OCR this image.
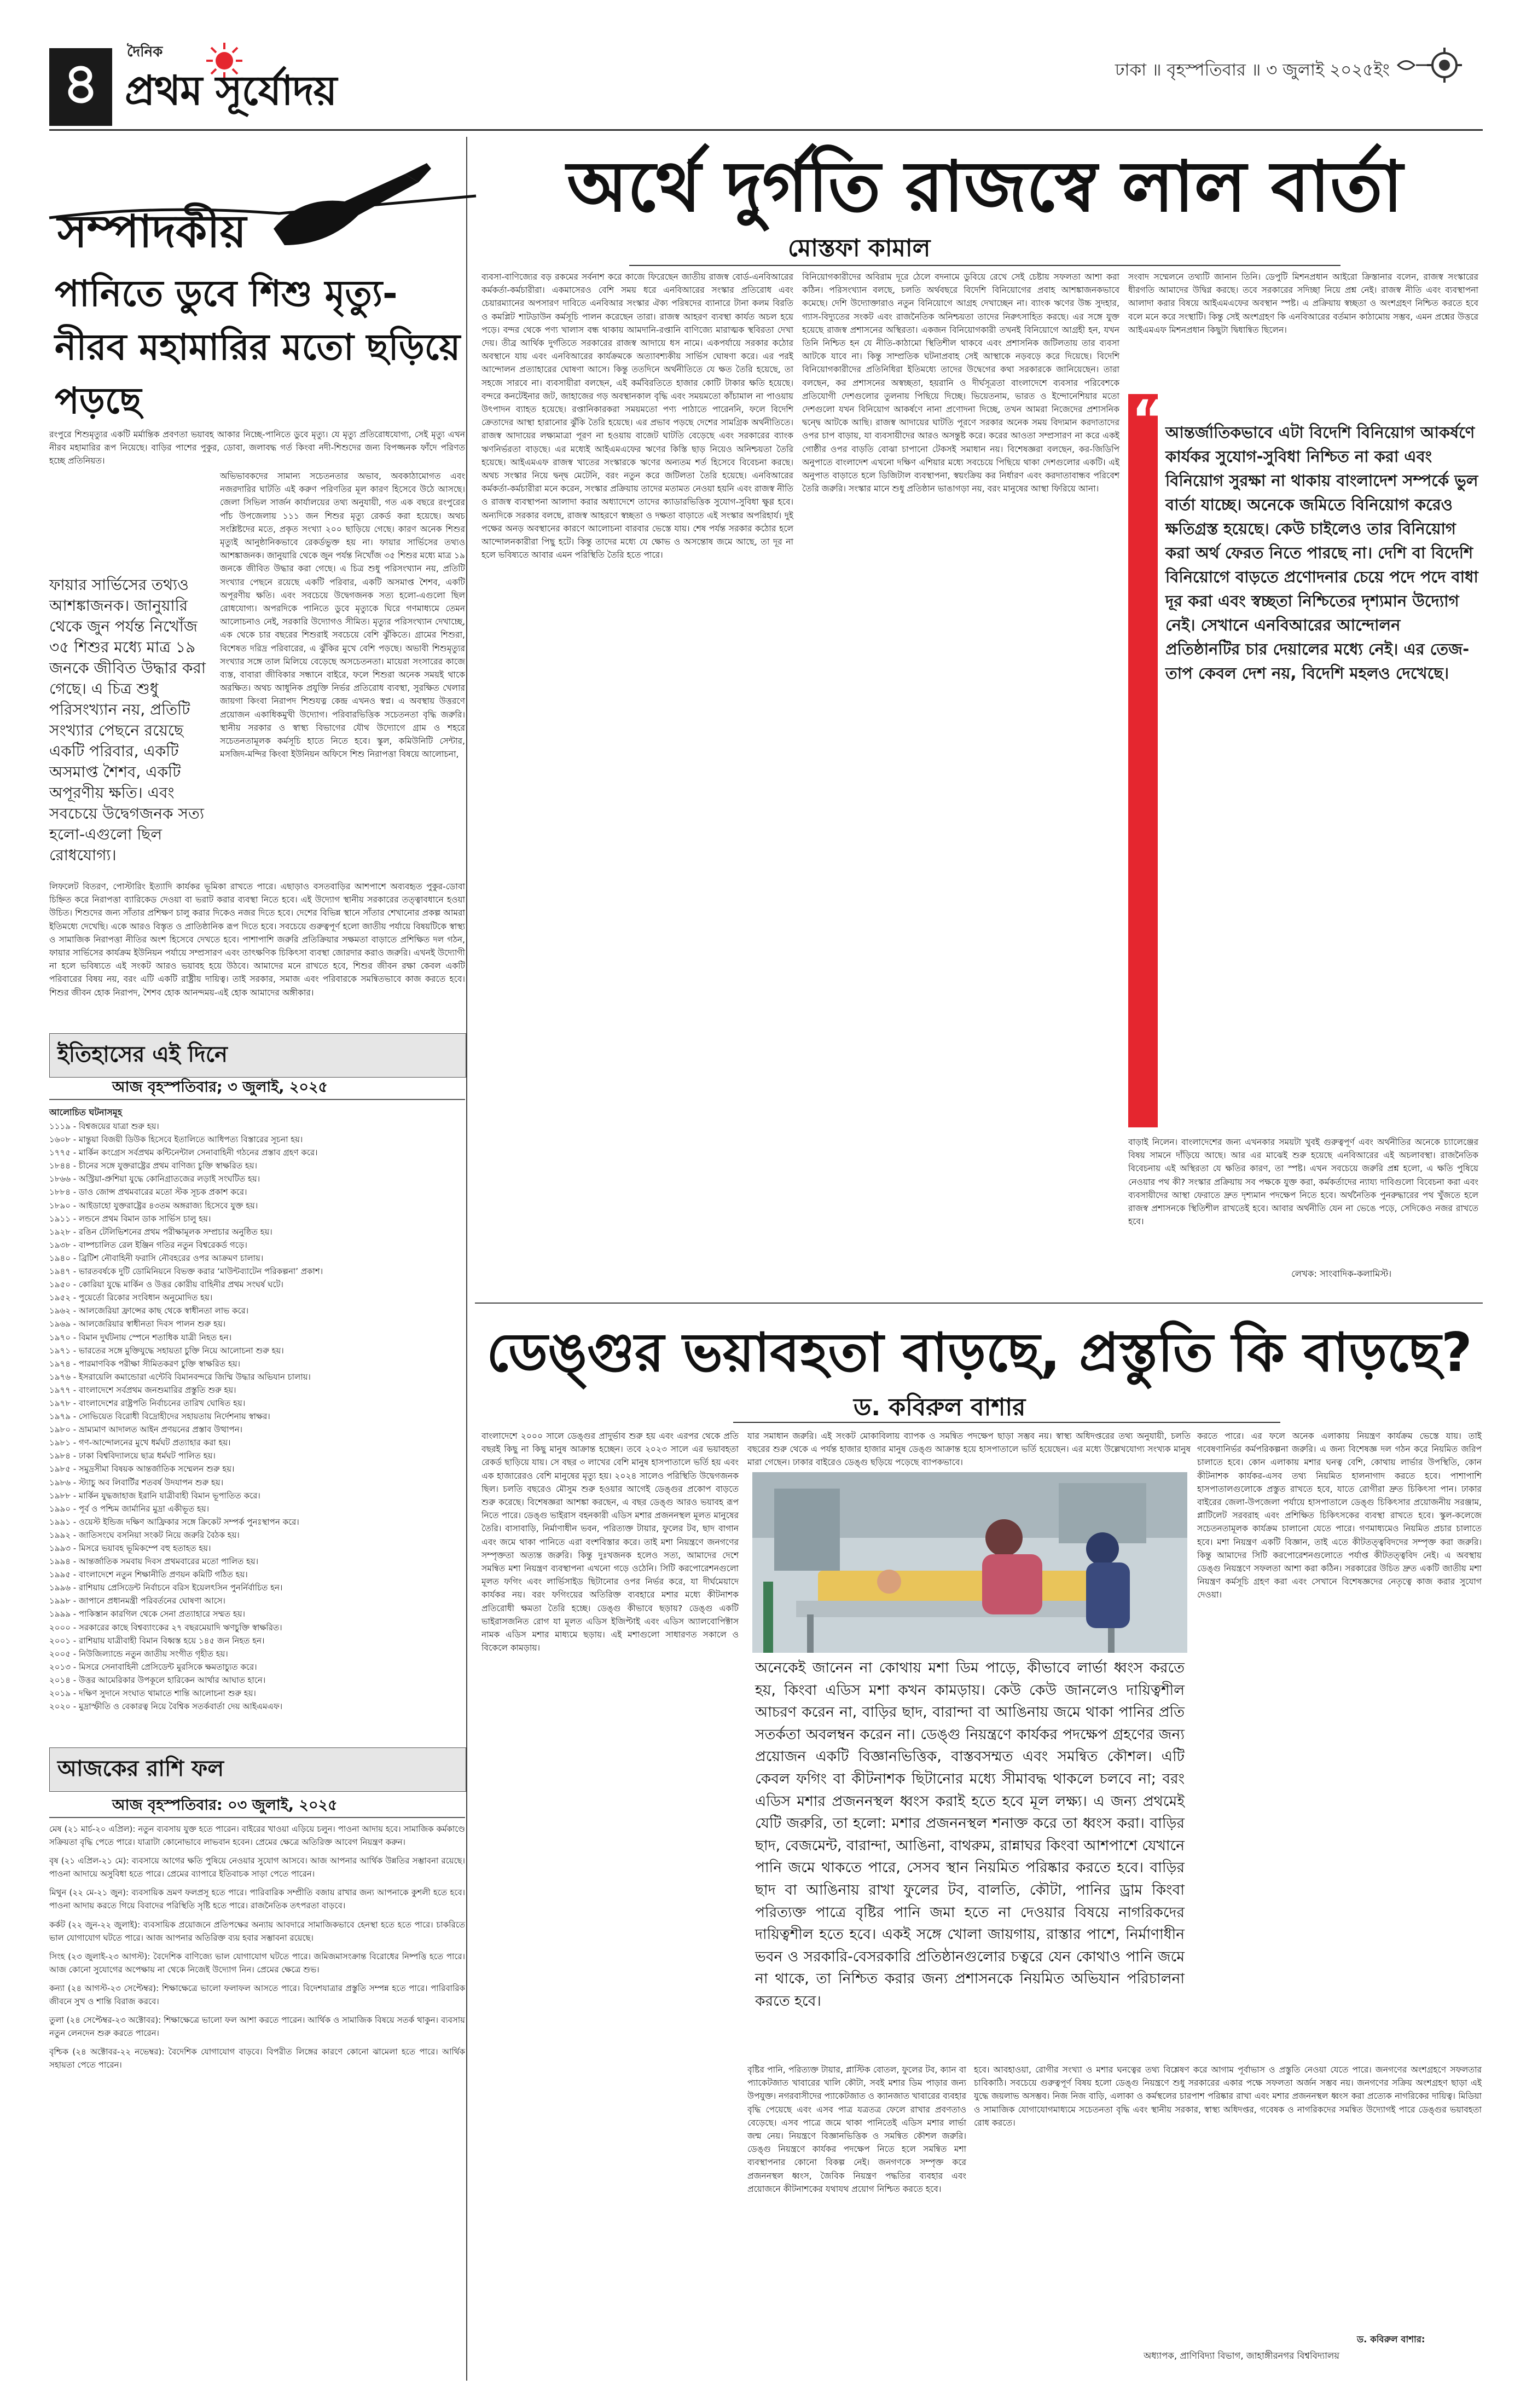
৪	দৈনিক
প্রথম সূর্যোদয়	ঢাকা ॥ বৃহস্পতিবার ॥ ৩ জুলাই ২০২৫ইং
সম্পাদকীয়
পানিতে ডুবে শিশু মৃত্যু- নীরব মহামারির মতো ছড়িয়ে পড়ছে

রংপুরে শিশুমৃত্যুর একটি মর্মান্তিক প্রবণতা ভয়াবহ আকার নিচ্ছে-পানিতে ডুবে মৃত্যু। যে মৃত্যু প্রতিরোধযোগ্য, সেই মৃত্যু এখন নীরব মহামারির রূপ নিয়েছে। বাড়ির পাশের পুকুর, ডোবা, জলাবদ্ধ গর্ত কিংবা নদী-শিশুদের জন্য বিপজ্জনক ফাঁদে পরিণত হচ্ছে প্রতিনিয়ত।

ফায়ার সার্ভিসের তথ্যও আশঙ্কাজনক। জানুয়ারি থেকে জুন পর্যন্ত নিখোঁজ ৩৫ শিশুর মধ্যে মাত্র ১৯ জনকে জীবিত উদ্ধার করা গেছে। এ চিত্র শুধু পরিসংখ্যান নয়, প্রতিটি সংখ্যার পেছনে রয়েছে একটি পরিবার, একটি অসমাপ্ত শৈশব, একটি অপূরণীয় ক্ষতি। এবং সবচেয়ে উদ্বেগজনক সত্য হলো-এগুলো ছিল রোধযোগ্য।

অভিভাবকদের সামান্য সচেতনতার অভাব, অবকাঠামোগত এবং নজরদারির ঘাটতি এই করুণ পরিণতির মূল কারণ হিসেবে উঠে আসছে। জেলা সিভিল সার্জন কার্যালয়ের তথ্য অনুযায়ী, গত এক বছরে রংপুরের পাঁচ উপজেলায় ১১১ জন শিশুর মৃত্যু রেকর্ড করা হয়েছে। অথচ সংশ্লিষ্টদের মতে, প্রকৃত সংখ্যা ২০০ ছাড়িয়ে গেছে। কারণ অনেক শিশুর মৃত্যুই আনুষ্ঠানিকভাবে রেকর্ডভুক্ত হয় না। ফায়ার সার্ভিসের তথ্যও আশঙ্কাজনক। জানুয়ারি থেকে জুন পর্যন্ত নিখোঁজ ৩৫ শিশুর মধ্যে মাত্র ১৯ জনকে জীবিত উদ্ধার করা গেছে। এ চিত্র শুধু পরিসংখ্যান নয়, প্রতিটি সংখ্যার পেছনে রয়েছে একটি পরিবার, একটি অসমাপ্ত শৈশব, একটি অপূরণীয় ক্ষতি। এবং সবচেয়ে উদ্বেগজনক সত্য হলো-এগুলো ছিল রোধযোগ্য। অপরদিকে পানিতে ডুবে মৃত্যুকে ঘিরে গণমাধ্যমে তেমন আলোচনাও নেই, সরকারি উদ্যোগও সীমিত। মৃত্যুর পরিসংখ্যান দেখাচ্ছে, এক থেকে চার বছরের শিশুরাই সবচেয়ে বেশি ঝুঁকিতে। গ্রামের শিশুরা, বিশেষত দরিদ্র পরিবারের, এ ঝুঁকির মুখে বেশি পড়ছে। অভাবী শিশুমৃত্যুর সংখ্যার সঙ্গে তাল মিলিয়ে বেড়েছে অসচেতনতা। মায়েরা সংসারের কাজে ব্যস্ত, বাবারা জীবিকার সন্ধানে বাইরে, ফলে শিশুরা অনেক সময়ই থাকে অরক্ষিত। অথচ আধুনিক প্রযুক্তি নির্ভর প্রতিরোধ ব্যবস্থা, সুরক্ষিত খেলার জায়গা কিংবা নিরাপদ শিশুযত্ন কেন্দ্র এখনও স্বপ্ন। এ অবস্থায় উত্তরণে প্রয়োজন একাধিকমুখী উদ্যোগ। পরিবারভিত্তিক সচেতনতা বৃদ্ধি জরুরি। স্থানীয় সরকার ও স্বাস্থ্য বিভাগের যৌথ উদ্যোগে গ্রাম ও শহরে সচেতনতামূলক কর্মসূচি হাতে নিতে হবে। স্কুল, কমিউনিটি সেন্টার, মসজিদ-মন্দির কিংবা ইউনিয়ন অফিসে শিশু নিরাপত্তা বিষয়ে আলোচনা,

লিফলেট বিতরণ, পোস্টারিং ইত্যাদি কার্যকর ভূমিকা রাখতে পারে। এছাড়াও বসতবাড়ির আশপাশে অব্যবহৃত পুকুর-ডোবা চিহ্নিত করে নিরাপত্তা ব্যারিকেড দেওয়া বা ভরাট করার ব্যবস্থা নিতে হবে। এই উদ্যোগ স্থানীয় সরকারের তত্ত্বাবধানে হওয়া উচিত। শিশুদের জন্য সাঁতার প্রশিক্ষণ চালু করার দিকেও নজর দিতে হবে। দেশের বিভিন্ন স্থানে সাঁতার শেখানোর প্রকল্প আমরা ইতিমধ্যে দেখেছি। একে আরও বিস্তৃত ও প্রাতিষ্ঠানিক রূপ দিতে হবে। সবচেয়ে গুরুত্বপূর্ণ হলো জাতীয় পর্যায়ে বিষয়টিকে স্বাস্থ্য ও সামাজিক নিরাপত্তা নীতির অংশ হিসেবে দেখতে হবে। পাশাপাশি জরুরি প্রতিক্রিয়ার সক্ষমতা বাড়াতে প্রশিক্ষিত দল গঠন, ফায়ার সার্ভিসের কার্যক্রম ইউনিয়ন পর্যায়ে সম্প্রসারণ এবং তাৎক্ষণিক চিকিৎসা ব্যবস্থা জোরদার করাও জরুরি। এখনই উদ্যোগী না হলে ভবিষ্যতে এই সংকট আরও ভয়াবহ হয়ে উঠবে। আমাদের মনে রাখতে হবে, শিশুর জীবন রক্ষা কেবল একটি পরিবারের বিষয় নয়, বরং এটি একটি রাষ্ট্রীয় দায়িত্ব। তাই সরকার, সমাজ এবং পরিবারকে সমন্বিতভাবে কাজ করতে হবে। শিশুর জীবন হোক নিরাপদ, শৈশব হোক আনন্দময়-এই হোক আমাদের অঙ্গীকার।

ইতিহাসের এই দিনে
আজ বৃহস্পতিবার; ৩ জুলাই, ২০২৫
আলোচিত ঘটনাসমূহ
১১১৯ - বিশ্বজয়ের যাত্রা শুরু হয়।
১৬০৮ - মান্তুয়া বিজয়ী ডিউক হিসেবে ইতালিতে আধিপত্য বিস্তারের সূচনা হয়।
১৭৭৫ - মার্কিন কংগ্রেস সর্বপ্রথম কন্টিনেন্টাল সেনাবাহিনী গঠনের প্রস্তাব গ্রহণ করে।
১৮৪৪ - চীনের সঙ্গে যুক্তরাষ্ট্রের প্রথম বাণিজ্য চুক্তি স্বাক্ষরিত হয়।
১৮৬৬ - অস্ট্রিয়া-প্রুশিয়া যুদ্ধে কোনিগ্রাতজের লড়াই সংঘটিত হয়।
১৮৮৪ - ডাও জোন্স প্রথমবারের মতো স্টক সূচক প্রকাশ করে।
১৮৯০ - আইডাহো যুক্তরাষ্ট্রের ৪৩তম অঙ্গরাজ্য হিসেবে যুক্ত হয়।
১৯১১ - লন্ডনে প্রথম বিমান ডাক সার্ভিস চালু হয়।
১৯২৮ - রঙিন টেলিভিশনের প্রথম পরীক্ষামূলক সম্প্রচার অনুষ্ঠিত হয়।
১৯৩৮ - বাষ্পচালিত রেল ইঞ্জিন গতির নতুন বিশ্বরেকর্ড গড়ে।
১৯৪০ - ব্রিটিশ নৌবাহিনী ফরাসি নৌবহরের ওপর আক্রমণ চালায়।
১৯৪৭ - ভারতবর্ষকে দুটি ডোমিনিয়নে বিভক্ত করার ‘মাউন্টব্যাটেন পরিকল্পনা’ প্রকাশ।
১৯৫০ - কোরিয়া যুদ্ধে মার্কিন ও উত্তর কোরীয় বাহিনীর প্রথম সংঘর্ষ ঘটে।
১৯৫২ - পুয়ের্তো রিকোর সংবিধান অনুমোদিত হয়।
১৯৬২ - আলজেরিয়া ফ্রান্সের কাছ থেকে স্বাধীনতা লাভ করে।
১৯৬৯ - আলজেরিয়ার স্বাধীনতা দিবস পালন শুরু হয়।
১৯৭০ - বিমান দুর্ঘটনায় স্পেনে শতাধিক যাত্রী নিহত হন।
১৯৭১ - ভারতের সঙ্গে মুক্তিযুদ্ধে সহায়তা চুক্তি নিয়ে আলোচনা শুরু হয়।
১৯৭৪ - পারমাণবিক পরীক্ষা সীমিতকরণ চুক্তি স্বাক্ষরিত হয়।
১৯৭৬ - ইসরায়েলি কমান্ডোরা এন্টেবি বিমানবন্দরে জিম্মি উদ্ধার অভিযান চালায়।
১৯৭৭ - বাংলাদেশে সর্বপ্রথম জনশুমারির প্রস্তুতি শুরু হয়।
১৯৭৮ - বাংলাদেশের রাষ্ট্রপতি নির্বাচনের তারিখ ঘোষিত হয়।
১৯৭৯ - সোভিয়েত বিরোধী বিদ্রোহীদের সহায়তায় নির্দেশনায় স্বাক্ষর।
১৯৮০ - ভ্রাম্যমাণ আদালত আইন প্রণয়নের প্রস্তাব উত্থাপন।
১৯৮১ - গণ-আন্দোলনের মুখে ধর্মঘট প্রত্যাহার করা হয়।
১৯৮৪ - ঢাকা বিশ্ববিদ্যালয়ে ছাত্র ধর্মঘট পালিত হয়।
১৯৮৫ - সমুদ্রসীমা বিষয়ক আন্তর্জাতিক সম্মেলন শুরু হয়।
১৯৮৬ - স্ট্যাচু অব লিবার্টির শতবর্ষ উদযাপন শুরু হয়।
১৯৮৮ - মার্কিন যুদ্ধজাহাজ ইরানি যাত্রীবাহী বিমান ভূপাতিত করে।
১৯৯০ - পূর্ব ও পশ্চিম জার্মানির মুদ্রা একীভূত হয়।
১৯৯১ - ওয়েস্ট ইন্ডিজ দক্ষিণ আফ্রিকার সঙ্গে ক্রিকেট সম্পর্ক পুনঃস্থাপন করে।
১৯৯২ - জাতিসংঘে বসনিয়া সংকট নিয়ে জরুরি বৈঠক হয়।
১৯৯৩ - মিসরে ভয়াবহ ভূমিকম্পে বহু হতাহত হয়।
১৯৯৪ - আন্তর্জাতিক সমবায় দিবস প্রথমবারের মতো পালিত হয়।
১৯৯৫ - বাংলাদেশে নতুন শিক্ষানীতি প্রণয়ন কমিটি গঠিত হয়।
১৯৯৬ - রাশিয়ায় প্রেসিডেন্ট নির্বাচনে বরিস ইয়েলৎসিন পুনর্নির্বাচিত হন।
১৯৯৮ - জাপানে প্রধানমন্ত্রী পরিবর্তনের ঘোষণা আসে।
১৯৯৯ - পাকিস্তান কারগিল থেকে সেনা প্রত্যাহারে সম্মত হয়।
২০০০ - সরকারের কাছে বিশ্বব্যাংকের ২৭ বছরমেয়াদি ঋণচুক্তি স্বাক্ষরিত।
২০০১ - রাশিয়ায় যাত্রীবাহী বিমান বিধ্বস্ত হয়ে ১৪৫ জন নিহত হন।
২০০৫ - নিউজিল্যান্ডে নতুন জাতীয় সংগীত গৃহীত হয়।
২০১৩ - মিসরে সেনাবাহিনী প্রেসিডেন্ট মুরসিকে ক্ষমতাচ্যুত করে।
২০১৪ - উত্তর আমেরিকার উপকূলে হারিকেন আর্থার আঘাত হানে।
২০১৯ - দক্ষিণ সুদানে সংঘাত থামাতে শান্তি আলোচনা শুরু হয়।
২০২০ - মুদ্রাস্ফীতি ও বেকারত্ব নিয়ে বৈশ্বিক সতর্কবার্তা দেয় আইএমএফ।
আজকের রাশি ফল
আজ বৃহস্পতিবার: ০৩ জুলাই, ২০২৫

মেষ (২১ মার্চ-২০ এপ্রিল): নতুন ব্যবসায় যুক্ত হতে পারেন। বাইরের খাওয়া এড়িয়ে চলুন। পাওনা আদায় হবে। সামাজিক কর্মকাণ্ডে সক্রিয়তা বৃদ্ধি পেতে পারে। যাত্রাটা কোনোভাবে লাভবান হবেন। প্রেমের ক্ষেত্রে অতিরিক্ত আবেগ নিয়ন্ত্রণ করুন।

বৃষ (২১ এপ্রিল-২১ মে): ব্যবসায়ে আগের ক্ষতি পুষিয়ে নেওয়ার সুযোগ আসবে। আজ আপনার আর্থিক উন্নতির সম্ভাবনা রয়েছে। পাওনা আদায়ে অসুবিধা হতে পারে। প্রেমের ব্যাপারে ইতিবাচক সাড়া পেতে পারেন।

মিথুন (২২ মে-২১ জুন): ব্যবসায়িক ভ্রমণ ফলপ্রসূ হতে পারে। পারিবারিক সম্প্রীতি বজায় রাখার জন্য আপনাকে কুশলী হতে হবে। পাওনা আদায় করতে গিয়ে বিবাদের পরিস্থিতি সৃষ্টি হতে পারে। রাজনৈতিক তৎপরতা বাড়বে।

কর্কট (২২ জুন-২২ জুলাই): ব্যবসায়িক প্রয়োজনে প্রতিপক্ষের অন্যায় আবদারে সামাজিকভাবে হেনস্থা হতে হতে পারে। চাকরিতে ভাল যোগাযোগ ঘটতে পারে। আজ আপনার অতিরিক্ত ব্যয় হবার সম্ভাবনা রয়েছে।

সিংহ (২৩ জুলাই-২৩ আগস্ট): বৈদেশিক বাণিজ্যে ভাল যোগাযোগ ঘটতে পারে। জমিজমাসংক্রান্ত বিরোধের নিষ্পত্তি হতে পারে। আজ কোনো সুযোগের অপেক্ষায় না থেকে নিজেই উদ্যোগ নিন। প্রেমের ক্ষেত্রে শুভ।

কন্যা (২৪ আগস্ট-২৩ সেপ্টেম্বর): শিক্ষাক্ষেত্রে ভালো ফলাফল আসতে পারে। বিদেশযাত্রার প্রস্তুতি সম্পন্ন হতে পারে। পারিবারিক জীবনে সুখ ও শান্তি বিরাজ করবে।

তুলা (২৪ সেপ্টেম্বর-২৩ অক্টোবর): শিক্ষাক্ষেত্রে ভালো ফল আশা করতে পারেন। আর্থিক ও সামাজিক বিষয়ে সতর্ক থাকুন। ব্যবসায় নতুন লেনদেন শুরু করতে পারেন।

বৃশ্চিক (২৪ অক্টোবর-২২ নভেম্বর): বৈদেশিক যোগাযোগ বাড়বে। বিপরীত লিঙ্গের কারণে কোনো ঝামেলা হতে পারে। আর্থিক সহায়তা পেতে পারেন।

অর্থে দুর্গতি রাজস্বে লাল বার্তা
মোস্তফা কামাল

ব্যবসা-বাণিজ্যের বড় রকমের সর্বনাশ করে কাজে ফিরেছেন জাতীয় রাজস্ব বোর্ড-এনবিআরের কর্মকর্তা-কর্মচারীরা। একমাসেরও বেশি সময় ধরে এনবিআরের সংস্কার প্রতিরোধ এবং চেয়ারম্যানের অপসারণ দাবিতে এনবিআর সংস্কার ঐক্য পরিষদের ব্যানারে টানা কলম বিরতি ও কমপ্লিট শাটডাউন কর্মসূচি পালন করেছেন তারা। রাজস্ব আহরণ ব্যবস্থা কার্যত অচল হয়ে পড়ে। বন্দর থেকে পণ্য খালাস বন্ধ থাকায় আমদানি-রপ্তানি বাণিজ্যে মারাত্মক স্থবিরতা দেখা দেয়। তীব্র আর্থিক দুর্গতিতে সরকারের রাজস্ব আদায়ে ধস নামে। একপর্যায়ে সরকার কঠোর অবস্থানে যায় এবং এনবিআরের কার্যক্রমকে অত্যাবশ্যকীয় সার্ভিস ঘোষণা করে। এর পরই আন্দোলন প্রত্যাহারের ঘোষণা আসে। কিন্তু ততদিনে অর্থনীতিতে যে ক্ষত তৈরি হয়েছে, তা সহজে সারবে না। ব্যবসায়ীরা বলছেন, এই কর্মবিরতিতে হাজার কোটি টাকার ক্ষতি হয়েছে। বন্দরে কনটেইনার জট, জাহাজের গড় অবস্থানকাল বৃদ্ধি এবং সময়মতো কাঁচামাল না পাওয়ায় উৎপাদন ব্যাহত হয়েছে। রপ্তানিকারকরা সময়মতো পণ্য পাঠাতে পারেননি, ফলে বিদেশি ক্রেতাদের আস্থা হারানোর ঝুঁকি তৈরি হয়েছে। এর প্রভাব পড়ছে দেশের সামগ্রিক অর্থনীতিতে। রাজস্ব আদায়ের লক্ষ্যমাত্রা পূরণ না হওয়ায় বাজেট ঘাটতি বেড়েছে এবং সরকারের ব্যাংক ঋণনির্ভরতা বাড়ছে। এর মধ্যেই আইএমএফের ঋণের কিস্তি ছাড় নিয়েও অনিশ্চয়তা তৈরি হয়েছে। আইএমএফ রাজস্ব খাতের সংস্কারকে ঋণের অন্যতম শর্ত হিসেবে বিবেচনা করছে। অথচ সংস্কার নিয়ে দ্বন্দ্ব মেটেনি, বরং নতুন করে জটিলতা তৈরি হয়েছে। এনবিআরের কর্মকর্তা-কর্মচারীরা মনে করেন, সংস্কার প্রক্রিয়ায় তাদের মতামত নেওয়া হয়নি এবং রাজস্ব নীতি ও রাজস্ব ব্যবস্থাপনা আলাদা করার অধ্যাদেশে তাদের ক্যাডারভিত্তিক সুযোগ-সুবিধা ক্ষুণ্ণ হবে। অন্যদিকে সরকার বলছে, রাজস্ব আহরণে স্বচ্ছতা ও দক্ষতা বাড়াতে এই সংস্কার অপরিহার্য। দুই পক্ষের অনড় অবস্থানের কারণে আলোচনা বারবার ভেস্তে যায়। শেষ পর্যন্ত সরকার কঠোর হলে আন্দোলনকারীরা পিছু হটে। কিন্তু তাদের মধ্যে যে ক্ষোভ ও অসন্তোষ জমে আছে, তা দূর না হলে ভবিষ্যতে আবার এমন পরিস্থিতি তৈরি হতে পারে।

বিনিয়োগকারীদের অবিরাম দূরে ঠেলে বদনামে ডুবিয়ে রেখে সেই চেষ্টায় সফলতা আশা করা কঠিন। পরিসংখ্যান বলছে, চলতি অর্থবছরে বিদেশি বিনিয়োগের প্রবাহ আশঙ্কাজনকভাবে কমেছে। দেশি উদ্যোক্তারাও নতুন বিনিয়োগে আগ্রহ দেখাচ্ছেন না। ব্যাংক ঋণের উচ্চ সুদহার, গ্যাস-বিদ্যুতের সংকট এবং রাজনৈতিক অনিশ্চয়তা তাদের নিরুৎসাহিত করছে। এর সঙ্গে যুক্ত হয়েছে রাজস্ব প্রশাসনের অস্থিরতা। একজন বিনিয়োগকারী তখনই বিনিয়োগে আগ্রহী হন, যখন তিনি নিশ্চিত হন যে নীতি-কাঠামো স্থিতিশীল থাকবে এবং প্রশাসনিক জটিলতায় তার ব্যবসা আটকে যাবে না। কিন্তু সাম্প্রতিক ঘটনাপ্রবাহ সেই আস্থাকে নড়বড়ে করে দিয়েছে। বিদেশি বিনিয়োগকারীদের প্রতিনিধিরা ইতিমধ্যে তাদের উদ্বেগের কথা সরকারকে জানিয়েছেন। তারা বলছেন, কর প্রশাসনের অস্বচ্ছতা, হয়রানি ও দীর্ঘসূত্রতা বাংলাদেশে ব্যবসার পরিবেশকে প্রতিযোগী দেশগুলোর তুলনায় পিছিয়ে দিচ্ছে। ভিয়েতনাম, ভারত ও ইন্দোনেশিয়ার মতো দেশগুলো যখন বিনিয়োগ আকর্ষণে নানা প্রণোদনা দিচ্ছে, তখন আমরা নিজেদের প্রশাসনিক দ্বন্দ্বে আটকে আছি। রাজস্ব আদায়ের ঘাটতি পূরণে সরকার অনেক সময় বিদ্যমান করদাতাদের ওপর চাপ বাড়ায়, যা ব্যবসায়ীদের আরও অসন্তুষ্ট করে। করের আওতা সম্প্রসারণ না করে একই গোষ্ঠীর ওপর বাড়তি বোঝা চাপানো টেকসই সমাধান নয়। বিশেষজ্ঞরা বলছেন, কর-জিডিপি অনুপাতে বাংলাদেশ এখনো দক্ষিণ এশিয়ার মধ্যে সবচেয়ে পিছিয়ে থাকা দেশগুলোর একটি। এই অনুপাত বাড়াতে হলে ডিজিটাল ব্যবস্থাপনা, স্বয়ংক্রিয় কর নির্ধারণ এবং করদাতাবান্ধব পরিবেশ তৈরি জরুরি। সংস্কার মানে শুধু প্রতিষ্ঠান ভাঙাগড়া নয়, বরং মানুষের আস্থা ফিরিয়ে আনা।

সংবাদ সম্মেলনে তথ্যটি জানান তিনি। ডেপুটি মিশনপ্রধান আইরো ক্রিস্তানার বলেন, রাজস্ব সংস্কারের ধীরগতি আমাদের উদ্বিগ্ন করছে। তবে সরকারের সদিচ্ছা নিয়ে প্রশ্ন নেই। রাজস্ব নীতি এবং ব্যবস্থাপনা আলাদা করার বিষয়ে আইএমএফের অবস্থান স্পষ্ট। এ প্রক্রিয়ায় স্বচ্ছতা ও অংশগ্রহণ নিশ্চিত করতে হবে বলে মনে করে সংস্থাটি। কিন্তু সেই অংশগ্রহণ কি এনবিআরের বর্তমান কাঠামোয় সম্ভব, এমন প্রশ্নের উত্তরে আইএমএফ মিশনপ্রধান কিছুটা দ্বিধান্বিত ছিলেন।

“
আন্তর্জাতিকভাবে এটা বিদেশি বিনিয়োগ আকর্ষণে কার্যকর সুযোগ-সুবিধা নিশ্চিত না করা এবং বিনিয়োগ সুরক্ষা না থাকায় বাংলাদেশ সম্পর্কে ভুল বার্তা যাচ্ছে। অনেকে জমিতে বিনিয়োগ করেও ক্ষতিগ্রস্ত হয়েছে। কেউ চাইলেও তার বিনিয়োগ করা অর্থ ফেরত নিতে পারছে না। দেশি বা বিদেশি বিনিয়োগে বাড়তে প্রণোদনার চেয়ে পদে পদে বাধা দূর করা এবং স্বচ্ছতা নিশ্চিতের দৃশ্যমান উদ্যোগ নেই। সেখানে এনবিআরের আন্দোলন প্রতিষ্ঠানটির চার দেয়ালের মধ্যে নেই। এর তেজ-তাপ কেবল দেশ নয়, বিদেশি মহলও দেখেছে।

বাড়াই নিলেন। বাংলাদেশের জন্য এখনকার সময়টা খুবই গুরুত্বপূর্ণ এবং অর্থনীতির অনেকে চ্যালেঞ্জের বিষয় সামনে দাঁড়িয়ে আছে। আর এর মাঝেই শুরু হয়েছে এনবিআরের এই অচলাবস্থা। রাজনৈতিক বিবেচনায় এই অস্থিরতা যে ক্ষতির কারণ, তা স্পষ্ট। এখন সবচেয়ে জরুরি প্রশ্ন হলো, এ ক্ষতি পুষিয়ে নেওয়ার পথ কী? সংস্কার প্রক্রিয়ায় সব পক্ষকে যুক্ত করা, কর্মকর্তাদের ন্যায্য দাবিগুলো বিবেচনা করা এবং ব্যবসায়ীদের আস্থা ফেরাতে দ্রুত দৃশ্যমান পদক্ষেপ নিতে হবে। অর্থনৈতিক পুনরুদ্ধারের পথ খুঁজতে হলে রাজস্ব প্রশাসনকে স্থিতিশীল রাখতেই হবে। আবার অর্থনীতি যেন না ভেঙে পড়ে, সেদিকেও নজর রাখতে হবে।

লেখক: সাংবাদিক-কলামিস্ট।
ডেঙ্গুর ভয়াবহতা বাড়ছে, প্রস্তুতি কি বাড়ছে?
ড. কবিরুল বাশার

বাংলাদেশে ২০০০ সালে ডেঙ্গুর প্রাদুর্ভাব শুরু হয় এবং এরপর থেকে প্রতি বছরই কিছু না কিছু মানুষ আক্রান্ত হচ্ছেন। তবে ২০২৩ সালে এর ভয়াবহতা রেকর্ড ছাড়িয়ে যায়। সে বছর ৩ লাখের বেশি মানুষ হাসপাতালে ভর্তি হয় এবং এক হাজারেরও বেশি মানুষের মৃত্যু হয়। ২০২৪ সালেও পরিস্থিতি উদ্বেগজনক ছিল। চলতি বছরেও মৌসুম শুরু হওয়ার আগেই ডেঙ্গুর প্রকোপ বাড়তে শুরু করেছে। বিশেষজ্ঞরা আশঙ্কা করছেন, এ বছর ডেঙ্গু আরও ভয়াবহ রূপ নিতে পারে। ডেঙ্গু ভাইরাস বহনকারী এডিস মশার প্রজননস্থল মূলত মানুষের তৈরি। বাসাবাড়ি, নির্মাণাধীন ভবন, পরিত্যক্ত টায়ার, ফুলের টব, ছাদ বাগান এবং জমে থাকা পানিতে এরা বংশবিস্তার করে। তাই মশা নিয়ন্ত্রণে জনগণের সম্পৃক্ততা অত্যন্ত জরুরি। কিন্তু দুঃখজনক হলেও সত্য, আমাদের দেশে সমন্বিত মশা নিয়ন্ত্রণ ব্যবস্থাপনা এখনো গড়ে ওঠেনি। সিটি করপোরেশনগুলো মূলত ফগিং এবং লার্ভিসাইড ছিটানোর ওপর নির্ভর করে, যা দীর্ঘমেয়াদে কার্যকর নয়। বরং ফগিংয়ের অতিরিক্ত ব্যবহারে মশার মধ্যে কীটনাশক প্রতিরোধী ক্ষমতা তৈরি হচ্ছে। ডেঙ্গু কীভাবে ছড়ায়? ডেঙ্গু একটি ভাইরাসজনিত রোগ যা মূলত এডিস ইজিপ্টাই এবং এডিস অ্যালবোপিক্টাস নামক এডিস মশার মাধ্যমে ছড়ায়। এই মশাগুলো সাধারণত সকালে ও বিকেলে কামড়ায়।

যার সমাধান জরুরি। এই সংকট মোকাবিলায় ব্যাপক ও সমন্বিত পদক্ষেপ ছাড়া সম্ভব নয়। স্বাস্থ্য অধিদপ্তরের তথ্য অনুযায়ী, চলতি বছরের শুরু থেকে এ পর্যন্ত হাজার হাজার মানুষ ডেঙ্গু আক্রান্ত হয়ে হাসপাতালে ভর্তি হয়েছেন। এর মধ্যে উল্লেখযোগ্য সংখ্যক মানুষ মারা গেছেন। ঢাকার বাইরেও ডেঙ্গু ছড়িয়ে পড়েছে ব্যাপকভাবে।

অনেকেই জানেন না কোথায় মশা ডিম পাড়ে, কীভাবে লার্ভা ধ্বংস করতে হয়, কিংবা এডিস মশা কখন কামড়ায়। কেউ কেউ জানলেও দায়িত্বশীল আচরণ করেন না, বাড়ির ছাদ, বারান্দা বা আঙিনায় জমে থাকা পানির প্রতি সতর্কতা অবলম্বন করেন না। ডেঙ্গু নিয়ন্ত্রণে কার্যকর পদক্ষেপ গ্রহণের জন্য প্রয়োজন একটি বিজ্ঞানভিত্তিক, বাস্তবসম্মত এবং সমন্বিত কৌশল। এটি কেবল ফগিং বা কীটনাশক ছিটানোর মধ্যে সীমাবদ্ধ থাকলে চলবে না; বরং এডিস মশার প্রজননস্থল ধ্বংস করাই হতে হবে মূল লক্ষ্য। এ জন্য প্রথমেই যেটি জরুরি, তা হলো: মশার প্রজননস্থল শনাক্ত করে তা ধ্বংস করা। বাড়ির ছাদ, বেজমেন্ট, বারান্দা, আঙিনা, বাথরুম, রান্নাঘর কিংবা আশপাশে যেখানে পানি জমে থাকতে পারে, সেসব স্থান নিয়মিত পরিষ্কার করতে হবে। বাড়ির ছাদ বা আঙিনায় রাখা ফুলের টব, বালতি, কৌটা, পানির ড্রাম কিংবা পরিত্যক্ত পাত্রে বৃষ্টির পানি জমা হতে না দেওয়ার বিষয়ে নাগরিকদের দায়িত্বশীল হতে হবে। একই সঙ্গে খোলা জায়গায়, রাস্তার পাশে, নির্মাণাধীন ভবন ও সরকারি-বেসরকারি প্রতিষ্ঠানগুলোর চত্বরে যেন কোথাও পানি জমে না থাকে, তা নিশ্চিত করার জন্য প্রশাসনকে নিয়মিত অভিযান পরিচালনা করতে হবে।

বৃষ্টির পানি, পরিত্যক্ত টায়ার, প্লাস্টিক বোতল, ফুলের টব, ক্যান বা প্যাকেটজাত খাবারের খালি কৌটা, সবই মশার ডিম পাড়ার জন্য উপযুক্ত। নগরবাসীদের প্যাকেটজাত ও ক্যানজাত খাবারের ব্যবহার বৃদ্ধি পেয়েছে এবং এসব পাত্র যত্রতত্র ফেলে রাখার প্রবণতাও বেড়েছে। এসব পাত্রে জমে থাকা পানিতেই এডিস মশার লার্ভা জন্ম নেয়। নিয়ন্ত্রণে বিজ্ঞানভিত্তিক ও সমন্বিত কৌশল জরুরি। ডেঙ্গু নিয়ন্ত্রণে কার্যকর পদক্ষেপ নিতে হলে সমন্বিত মশা ব্যবস্থাপনার কোনো বিকল্প নেই। জনগণকে সম্পৃক্ত করে প্রজননস্থল ধ্বংস, জৈবিক নিয়ন্ত্রণ পদ্ধতির ব্যবহার এবং প্রয়োজনে কীটনাশকের যথাযথ প্রয়োগ নিশ্চিত করতে হবে।

করতে পারে। এর ফলে অনেক এলাকায় নিয়ন্ত্রণ কার্যক্রম ভেস্তে যায়। তাই গবেষণানির্ভর কর্মপরিকল্পনা জরুরি। এ জন্য বিশেষজ্ঞ দল গঠন করে নিয়মিত জরিপ চালাতে হবে। কোন এলাকায় মশার ঘনত্ব বেশি, কোথায় লার্ভার উপস্থিতি, কোন কীটনাশক কার্যকর-এসব তথ্য নিয়মিত হালনাগাদ করতে হবে। পাশাপাশি হাসপাতালগুলোকে প্রস্তুত রাখতে হবে, যাতে রোগীরা দ্রুত চিকিৎসা পান। ঢাকার বাইরের জেলা-উপজেলা পর্যায়ে হাসপাতালে ডেঙ্গু চিকিৎসার প্রয়োজনীয় সরঞ্জাম, প্লাটিলেট সরবরাহ এবং প্রশিক্ষিত চিকিৎসকের ব্যবস্থা রাখতে হবে। স্কুল-কলেজে সচেতনতামূলক কার্যক্রম চালানো যেতে পারে। গণমাধ্যমেও নিয়মিত প্রচার চালাতে হবে। মশা নিয়ন্ত্রণ একটি বিজ্ঞান, তাই এতে কীটতত্ত্ববিদদের সম্পৃক্ত করা জরুরি। কিন্তু আমাদের সিটি করপোরেশনগুলোতে পর্যাপ্ত কীটতত্ত্ববিদ নেই। এ অবস্থায় ডেঙ্গু নিয়ন্ত্রণে সফলতা আশা করা কঠিন। সরকারের উচিত দ্রুত একটি জাতীয় মশা নিয়ন্ত্রণ কর্মসূচি গ্রহণ করা এবং সেখানে বিশেষজ্ঞদের নেতৃত্বে কাজ করার সুযোগ দেওয়া।

হবে। আবহাওয়া, রোগীর সংখ্যা ও মশার ঘনত্বের তথ্য বিশ্লেষণ করে আগাম পূর্বাভাস ও প্রস্তুতি নেওয়া যেতে পারে। জনগণের অংশগ্রহণে সফলতার চাবিকাঠি। সবচেয়ে গুরুত্বপূর্ণ বিষয় হলো ডেঙ্গু নিয়ন্ত্রণে শুধু সরকারের একার পক্ষে সফলতা অর্জন সম্ভব নয়। জনগণের সক্রিয় অংশগ্রহণ ছাড়া এই যুদ্ধে জয়লাভ অসম্ভব। নিজ নিজ বাড়ি, এলাকা ও কর্মস্থলের চারপাশ পরিষ্কার রাখা এবং মশার প্রজননস্থল ধ্বংস করা প্রত্যেক নাগরিকের দায়িত্ব। মিডিয়া ও সামাজিক যোগাযোগমাধ্যমে সচেতনতা বৃদ্ধি এবং স্থানীয় সরকার, স্বাস্থ্য অধিদপ্তর, গবেষক ও নাগরিকদের সমন্বিত উদ্যোগই পারে ডেঙ্গুর ভয়াবহতা রোধ করতে।

ড. কবিরুল বাশার:
অধ্যাপক, প্রাণিবিদ্যা বিভাগ, জাহাঙ্গীরনগর বিশ্ববিদ্যালয়
